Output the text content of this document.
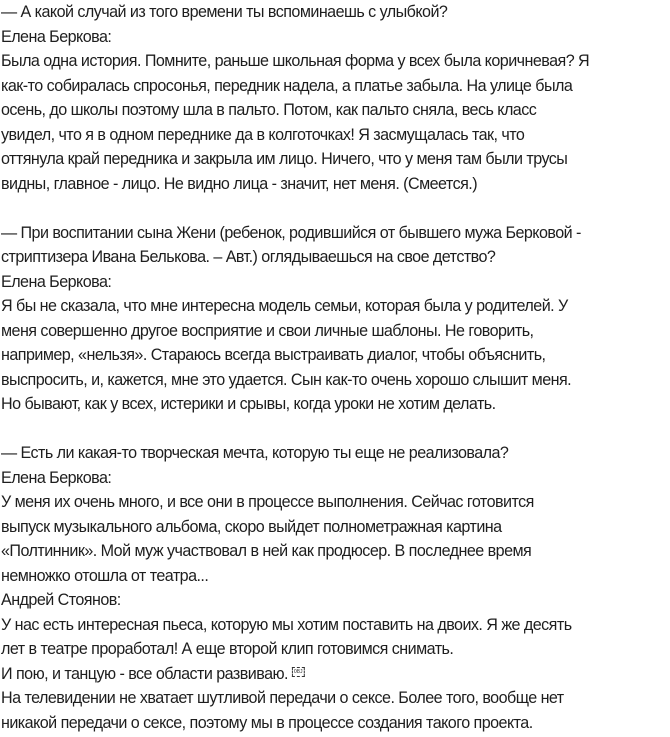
— А какой случай из того времени ты вспоминаешь с улыбкой?
Елена Беркова:
Была одна история. Помните, раньше школьная форма у всех была коричневая? Я
как-то собиралась спросонья, передник надела, а платье забыла. На улице была
осень, до школы поэтому шла в пальто. Потом, как пальто сняла, весь класс
увидел, что я в одном переднике да в колготочках! Я засмущалась так, что
оттянула край передника и закрыла им лицо. Ничего, что у меня там были трусы
видны, главное - лицо. Не видно лица - значит, нет меня. (Смеется.)
— При воспитании сына Жени (ребенок, родившийся от бывшего мужа Берковой -
стриптизера Ивана Белькова. – Авт.) оглядываешься на свое детство?
Елена Беркова:
Я бы не сказала, что мне интересна модель семьи, которая была у родителей. У
меня совершенно другое восприятие и свои личные шаблоны. Не говорить,
например, «нельзя». Стараюсь всегда выстраивать диалог, чтобы объяснить,
выспросить, и, кажется, мне это удается. Сын как-то очень хорошо слышит меня.
Но бывают, как у всех, истерики и срывы, когда уроки не хотим делать.
— Есть ли какая-то творческая мечта, которую ты еще не реализовала?
Елена Беркова:
У меня их очень много, и все они в процессе выполнения. Сейчас готовится
выпуск музыкального альбома, скоро выйдет полнометражная картина
«Полтинник». Мой муж участвовал в ней как продюсер. В последнее время
немножко отошла от театра...
Андрей Стоянов:
У нас есть интересная пьеса, которую мы хотим поставить на двоих. Я же десять
лет в театре проработал! А еще второй клип готовимся снимать.
И пою, и танцую - все области развиваю. OBJ
На телевидении не хватает шутливой передачи о сексе. Более того, вообще нет
никакой передачи о сексе, поэтому мы в процессе создания такого проекта.
